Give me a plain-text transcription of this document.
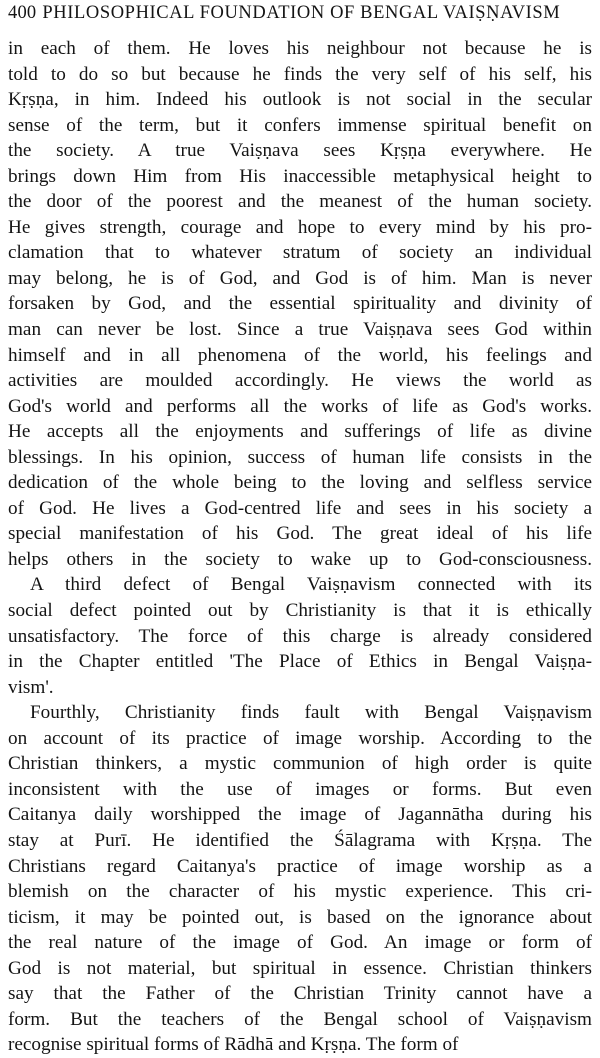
400 PHILOSOPHICAL FOUNDATION OF BENGAL VAIṢṆAVISM
in each of them. He loves his neighbour not because he is
told to do so but because he finds the very self of his self, his
Kṛṣṇa, in him. Indeed his outlook is not social in the secular
sense of the term, but it confers immense spiritual benefit on
the society. A true Vaiṣṇava sees Kṛṣṇa everywhere. He
brings down Him from His inaccessible metaphysical height to
the door of the poorest and the meanest of the human society.
He gives strength, courage and hope to every mind by his pro-
clamation that to whatever stratum of society an individual
may belong, he is of God, and God is of him. Man is never
forsaken by God, and the essential spirituality and divinity of
man can never be lost. Since a true Vaiṣṇava sees God within
himself and in all phenomena of the world, his feelings and
activities are moulded accordingly. He views the world as
God's world and performs all the works of life as God's works.
He accepts all the enjoyments and sufferings of life as divine
blessings. In his opinion, success of human life consists in the
dedication of the whole being to the loving and selfless service
of God. He lives a God-centred life and sees in his society a
special manifestation of his God. The great ideal of his life
helps others in the society to wake up to God-consciousness.
A third defect of Bengal Vaiṣṇavism connected with its
social defect pointed out by Christianity is that it is ethically
unsatisfactory. The force of this charge is already considered
in the Chapter entitled 'The Place of Ethics in Bengal Vaiṣṇa-
vism'.
Fourthly, Christianity finds fault with Bengal Vaiṣṇavism
on account of its practice of image worship. According to the
Christian thinkers, a mystic communion of high order is quite
inconsistent with the use of images or forms. But even
Caitanya daily worshipped the image of Jagannātha during his
stay at Purī. He identified the Śālagrama with Kṛṣṇa. The
Christians regard Caitanya's practice of image worship as a
blemish on the character of his mystic experience. This cri-
ticism, it may be pointed out, is based on the ignorance about
the real nature of the image of God. An image or form of
God is not material, but spiritual in essence. Christian thinkers
say that the Father of the Christian Trinity cannot have a
form. But the teachers of the Bengal school of Vaiṣṇavism
recognise spiritual forms of Rādhā and Kṛṣṇa. The form of
